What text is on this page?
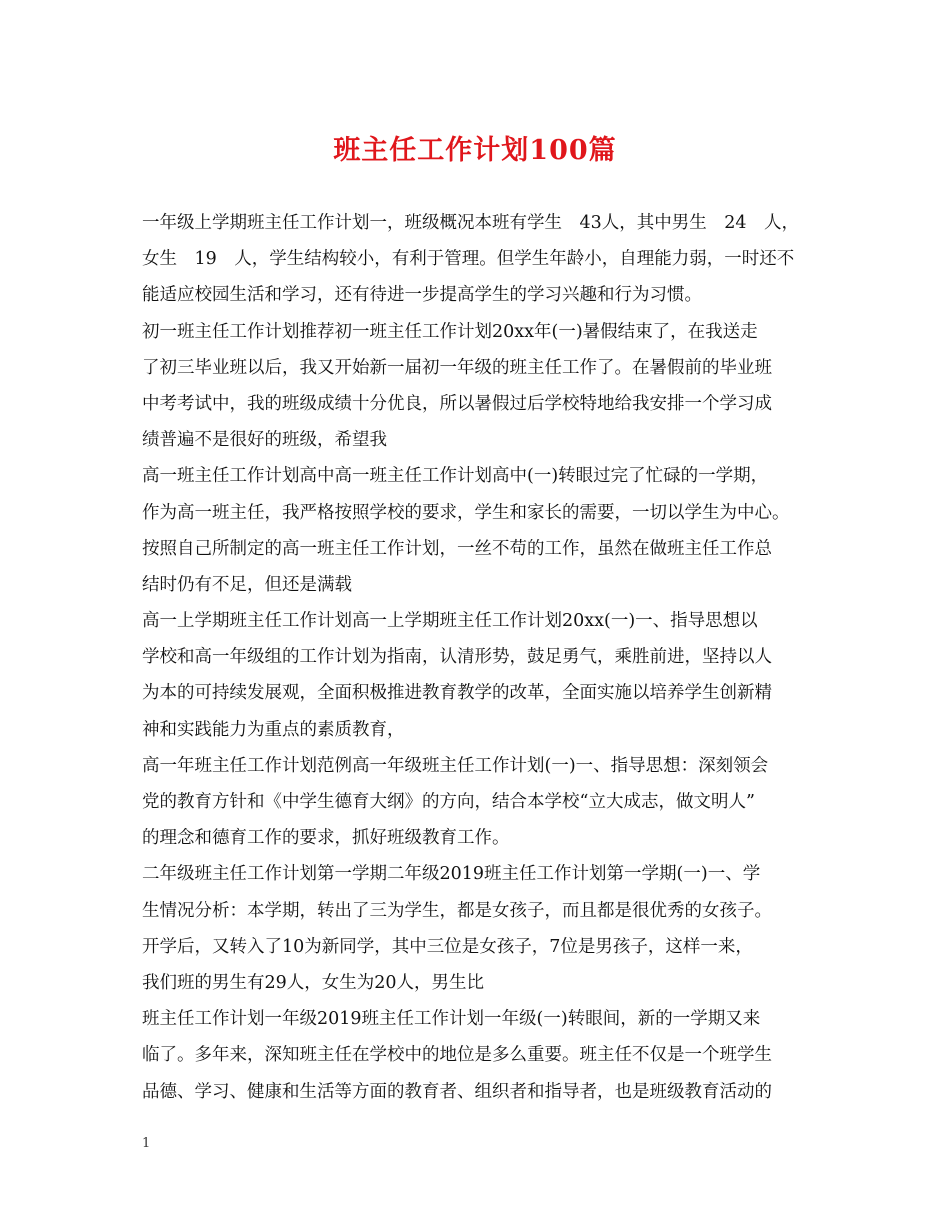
班主任工作计划100篇
一年级上学期班主任工作计划一，班级概况本班有学生　43人，其中男生　24　人，
女生　19　人，学生结构较小，有利于管理。但学生年龄小，自理能力弱，一时还不
能适应校园生活和学习，还有待进一步提高学生的学习兴趣和行为习惯。
初一班主任工作计划推荐初一班主任工作计划20xx年(一)暑假结束了，在我送走
了初三毕业班以后，我又开始新一届初一年级的班主任工作了。在暑假前的毕业班
中考考试中，我的班级成绩十分优良，所以暑假过后学校特地给我安排一个学习成
绩普遍不是很好的班级，希望我
高一班主任工作计划高中高一班主任工作计划高中(一)转眼过完了忙碌的一学期，
作为高一班主任，我严格按照学校的要求，学生和家长的需要，一切以学生为中心。
按照自己所制定的高一班主任工作计划，一丝不苟的工作，虽然在做班主任工作总
结时仍有不足，但还是满载
高一上学期班主任工作计划高一上学期班主任工作计划20xx(一)一、指导思想以
学校和高一年级组的工作计划为指南，认清形势，鼓足勇气，乘胜前进，坚持以人
为本的可持续发展观，全面积极推进教育教学的改革，全面实施以培养学生创新精
神和实践能力为重点的素质教育，
高一年班主任工作计划范例高一年级班主任工作计划(一)一、指导思想：深刻领会
党的教育方针和《中学生德育大纲》的方向，结合本学校“立大成志，做文明人”
的理念和德育工作的要求，抓好班级教育工作。
二年级班主任工作计划第一学期二年级2019班主任工作计划第一学期(一)一、学
生情况分析：本学期，转出了三为学生，都是女孩子，而且都是很优秀的女孩子。
开学后，又转入了10为新同学，其中三位是女孩子，7位是男孩子，这样一来，
我们班的男生有29人，女生为20人，男生比
班主任工作计划一年级2019班主任工作计划一年级(一)转眼间，新的一学期又来
临了。多年来，深知班主任在学校中的地位是多么重要。班主任不仅是一个班学生
品德、学习、健康和生活等方面的教育者、组织者和指导者，也是班级教育活动的
1
